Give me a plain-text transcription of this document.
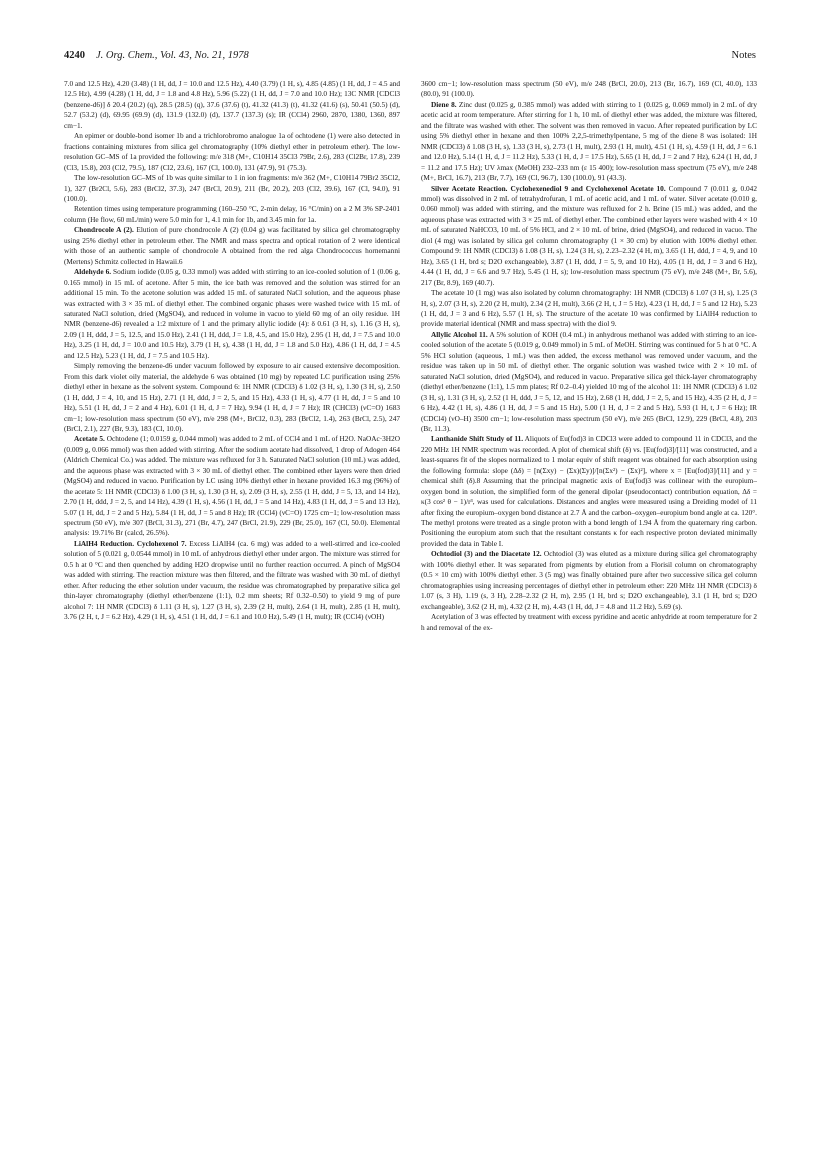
4240 J. Org. Chem., Vol. 43, No. 21, 1978	Notes

7.0 and 12.5 Hz), 4.20 (3.48) (1 H, dd, J = 10.0 and 12.5 Hz), 4.40 (3.79) (1 H, s), 4.85 (4.85) (1 H, dd, J = 4.5 and 12.5 Hz), 4.99 (4.28) (1 H, dd, J = 1.8 and 4.8 Hz), 5.96 (5.22) (1 H, dd, J = 7.0 and 10.0 Hz); 13C NMR [CDCl3 (benzene-d6)] δ 20.4 (20.2) (q), 28.5 (28.5) (q), 37.6 (37.6) (t), 41.32 (41.3) (t), 41.32 (41.6) (s), 50.41 (50.5) (d), 52.7 (53.2) (d), 69.95 (69.9) (d), 131.9 (132.0) (d), 137.7 (137.3) (s); IR (CCl4) 2960, 2870, 1380, 1360, 897 cm−1.

An epimer or double-bond isomer 1b and a trichlorobromo analogue 1a of ochtodene (1) were also detected in fractions containing mixtures from silica gel chromatography (10% diethyl ether in petroleum ether). The low-resolution GC–MS of 1a provided the following: m/e 318 (M+, C10H14 35Cl3 79Br, 2.6), 283 (Cl2Br, 17.8), 239 (Cl3, 15.8), 203 (Cl2, 79.5), 187 (Cl2, 23.6), 167 (Cl, 100.0), 131 (47.9), 91 (75.3).

The low-resolution GC–MS of 1b was quite similar to 1 in ion fragments: m/e 362 (M+, C10H14 79Br2 35Cl2, 1), 327 (Br2Cl, 5.6), 283 (BrCl2, 37.3), 247 (BrCl, 20.9), 211 (Br, 20.2), 203 (Cl2, 39.6), 167 (Cl, 94.0), 91 (100.0).

Retention times using temperature programming (160–250 °C, 2-min delay, 16 °C/min) on a 2 M 3% SP-2401 column (He flow, 60 mL/min) were 5.0 min for 1, 4.1 min for 1b, and 3.45 min for 1a.

Chondrocole A (2). Elution of pure chondrocole A (2) (0.04 g) was facilitated by silica gel chromatography using 25% diethyl ether in petroleum ether. The NMR and mass spectra and optical rotation of 2 were identical with those of an authentic sample of chondrocole A obtained from the red alga Chondrococcus hornemanni (Mertens) Schmitz collected in Hawaii.6

Aldehyde 6. Sodium iodide (0.05 g, 0.33 mmol) was added with stirring to an ice-cooled solution of 1 (0.06 g, 0.165 mmol) in 15 mL of acetone. After 5 min, the ice bath was removed and the solution was stirred for an additional 15 min. To the acetone solution was added 15 mL of saturated NaCl solution, and the aqueous phase was extracted with 3 × 35 mL of diethyl ether. The combined organic phases were washed twice with 15 mL of saturated NaCl solution, dried (MgSO4), and reduced in volume in vacuo to yield 60 mg of an oily residue. 1H NMR (benzene-d6) revealed a 1:2 mixture of 1 and the primary allylic iodide (4): δ 0.61 (3 H, s), 1.16 (3 H, s), 2.09 (1 H, ddd, J = 5, 12.5, and 15.0 Hz), 2.41 (1 H, ddd, J = 1.8, 4.5, and 15.0 Hz), 2.95 (1 H, dd, J = 7.5 and 10.0 Hz), 3.25 (1 H, dd, J = 10.0 and 10.5 Hz), 3.79 (1 H, s), 4.38 (1 H, dd, J = 1.8 and 5.0 Hz), 4.86 (1 H, dd, J = 4.5 and 12.5 Hz), 5.23 (1 H, dd, J = 7.5 and 10.5 Hz).

Simply removing the benzene-d6 under vacuum followed by exposure to air caused extensive decomposition. From this dark violet oily material, the aldehyde 6 was obtained (10 mg) by repeated LC purification using 25% diethyl ether in hexane as the solvent system. Compound 6: 1H NMR (CDCl3) δ 1.02 (3 H, s), 1.30 (3 H, s), 2.50 (1 H, ddd, J = 4, 10, and 15 Hz), 2.71 (1 H, ddd, J = 2, 5, and 15 Hz), 4.33 (1 H, s), 4.77 (1 H, dd, J = 5 and 10 Hz), 5.51 (1 H, dd, J = 2 and 4 Hz), 6.01 (1 H, d, J = 7 Hz), 9.94 (1 H, d, J = 7 Hz); IR (CHCl3) (νC=O) 1683 cm−1; low-resolution mass spectrum (50 eV), m/e 298 (M+, BrCl2, 0.3), 283 (BrCl2, 1.4), 263 (BrCl, 2.5), 247 (BrCl, 2.1), 227 (Br, 9.3), 183 (Cl, 10.0).

Acetate 5. Ochtodene (1; 0.0159 g, 0.044 mmol) was added to 2 mL of CCl4 and 1 mL of H2O. NaOAc·3H2O (0.009 g, 0.066 mmol) was then added with stirring. After the sodium acetate had dissolved, 1 drop of Adogen 464 (Aldrich Chemical Co.) was added. The mixture was refluxed for 3 h. Saturated NaCl solution (10 mL) was added, and the aqueous phase was extracted with 3 × 30 mL of diethyl ether. The combined ether layers were then dried (MgSO4) and reduced in vacuo. Purification by LC using 10% diethyl ether in hexane provided 16.3 mg (96%) of the acetate 5: 1H NMR (CDCl3) δ 1.00 (3 H, s), 1.30 (3 H, s), 2.09 (3 H, s), 2.55 (1 H, ddd, J = 5, 13, and 14 Hz), 2.70 (1 H, ddd, J = 2, 5, and 14 Hz), 4.39 (1 H, s), 4.56 (1 H, dd, J = 5 and 14 Hz), 4.83 (1 H, dd, J = 5 and 13 Hz), 5.07 (1 H, dd, J = 2 and 5 Hz), 5.84 (1 H, dd, J = 5 and 8 Hz); IR (CCl4) (νC=O) 1725 cm−1; low-resolution mass spectrum (50 eV), m/e 307 (BrCl, 31.3), 271 (Br, 4.7), 247 (BrCl, 21.9), 229 (Br, 25.0), 167 (Cl, 50.0). Elemental analysis: 19.71% Br (calcd, 26.5%).

LiAlH4 Reduction. Cyclohexenol 7. Excess LiAlH4 (ca. 6 mg) was added to a well-stirred and ice-cooled solution of 5 (0.021 g, 0.0544 mmol) in 10 mL of anhydrous diethyl ether under argon. The mixture was stirred for 0.5 h at 0 °C and then quenched by adding H2O dropwise until no further reaction occurred. A pinch of MgSO4 was added with stirring. The reaction mixture was then filtered, and the filtrate was washed with 30 mL of diethyl ether. After reducing the ether solution under vacuum, the residue was chromatographed by preparative silica gel thin-layer chromatography (diethyl ether/benzene (1:1), 0.2 mm sheets; Rf 0.32–0.50) to yield 9 mg of pure alcohol 7: 1H NMR (CDCl3) δ 1.11 (3 H, s), 1.27 (3 H, s), 2.39 (2 H, mult), 2.64 (1 H, mult), 2.85 (1 H, mult), 3.76 (2 H, t, J = 6.2 Hz), 4.29 (1 H, s), 4.51 (1 H, dd, J = 6.1 and 10.0 Hz), 5.49 (1 H, mult); IR (CCl4) (νOH)

3600 cm−1; low-resolution mass spectrum (50 eV), m/e 248 (BrCl, 20.0), 213 (Br, 16.7), 169 (Cl, 40.0), 133 (80.0), 91 (100.0).

Diene 8. Zinc dust (0.025 g, 0.385 mmol) was added with stirring to 1 (0.025 g, 0.069 mmol) in 2 mL of dry acetic acid at room temperature. After stirring for 1 h, 10 mL of diethyl ether was added, the mixture was filtered, and the filtrate was washed with ether. The solvent was then removed in vacuo. After repeated purification by LC using 5% diethyl ether in hexane and then 100% 2,2,5-trimethylpentane, 5 mg of the diene 8 was isolated: 1H NMR (CDCl3) δ 1.08 (3 H, s), 1.33 (3 H, s), 2.73 (1 H, mult), 2.93 (1 H, mult), 4.51 (1 H, s), 4.59 (1 H, dd, J = 6.1 and 12.0 Hz), 5.14 (1 H, d, J = 11.2 Hz), 5.33 (1 H, d, J = 17.5 Hz), 5.65 (1 H, dd, J = 2 and 7 Hz), 6.24 (1 H, dd, J = 11.2 and 17.5 Hz); UV λmax (MeOH) 232–233 nm (ε 15 400); low-resolution mass spectrum (75 eV), m/e 248 (M+, BrCl, 16.7), 213 (Br, 7.7), 169 (Cl, 96.7), 130 (100.0), 91 (43.3).

Silver Acetate Reaction. Cyclohexenediol 9 and Cyclohexenol Acetate 10. Compound 7 (0.011 g, 0.042 mmol) was dissolved in 2 mL of tetrahydrofuran, 1 mL of acetic acid, and 1 mL of water. Silver acetate (0.010 g, 0.060 mmol) was added with stirring, and the mixture was refluxed for 2 h. Brine (15 mL) was added, and the aqueous phase was extracted with 3 × 25 mL of diethyl ether. The combined ether layers were washed with 4 × 10 mL of saturated NaHCO3, 10 mL of 5% HCl, and 2 × 10 mL of brine, dried (MgSO4), and reduced in vacuo. The diol (4 mg) was isolated by silica gel column chromatography (1 × 30 cm) by elution with 100% diethyl ether. Compound 9: 1H NMR (CDCl3) δ 1.08 (3 H, s), 1.24 (3 H, s), 2.23–2.32 (4 H, m), 3.65 (1 H, ddd, J = 4, 9, and 10 Hz), 3.65 (1 H, brd s; D2O exchangeable), 3.87 (1 H, ddd, J = 5, 9, and 10 Hz), 4.05 (1 H, dd, J = 3 and 6 Hz), 4.44 (1 H, dd, J = 6.6 and 9.7 Hz), 5.45 (1 H, s); low-resolution mass spectrum (75 eV), m/e 248 (M+, Br, 5.6), 217 (Br, 8.9), 169 (40.7).

The acetate 10 (1 mg) was also isolated by column chromatography: 1H NMR (CDCl3) δ 1.07 (3 H, s), 1.25 (3 H, s), 2.07 (3 H, s), 2.20 (2 H, mult), 2.34 (2 H, mult), 3.66 (2 H, t, J = 5 Hz), 4.23 (1 H, dd, J = 5 and 12 Hz), 5.23 (1 H, dd, J = 3 and 6 Hz), 5.57 (1 H, s). The structure of the acetate 10 was confirmed by LiAlH4 reduction to provide material identical (NMR and mass spectra) with the diol 9.

Allylic Alcohol 11. A 5% solution of KOH (0.4 mL) in anhydrous methanol was added with stirring to an ice-cooled solution of the acetate 5 (0.019 g, 0.049 mmol) in 5 mL of MeOH. Stirring was continued for 5 h at 0 °C. A 5% HCl solution (aqueous, 1 mL) was then added, the excess methanol was removed under vacuum, and the residue was taken up in 50 mL of diethyl ether. The organic solution was washed twice with 2 × 10 mL of saturated NaCl solution, dried (MgSO4), and reduced in vacuo. Preparative silica gel thick-layer chromatography (diethyl ether/benzene (1:1), 1.5 mm plates; Rf 0.2–0.4) yielded 10 mg of the alcohol 11: 1H NMR (CDCl3) δ 1.02 (3 H, s), 1.31 (3 H, s), 2.52 (1 H, ddd, J = 5, 12, and 15 Hz), 2.68 (1 H, ddd, J = 2, 5, and 15 Hz), 4.35 (2 H, d, J = 6 Hz), 4.42 (1 H, s), 4.86 (1 H, dd, J = 5 and 15 Hz), 5.00 (1 H, d, J = 2 and 5 Hz), 5.93 (1 H, t, J = 6 Hz); IR (CDCl4) (νO–H) 3500 cm−1; low-resolution mass spectrum (50 eV), m/e 265 (BrCl, 12.9), 229 (BrCl, 4.8), 203 (Br, 11.3).

Lanthanide Shift Study of 11. Aliquots of Eu(fod)3 in CDCl3 were added to compound 11 in CDCl3, and the 220 MHz 1H NMR spectrum was recorded. A plot of chemical shift (δ) vs. [Eu(fod)3]/[11] was constructed, and a least-squares fit of the slopes normalized to 1 molar equiv of shift reagent was obtained for each absorption using the following formula: slope (Δδ) = [n(Σxy) − (Σx)(Σy)]/[n(Σx²) − (Σx)²], where x = [Eu(fod)3]/[11] and y = chemical shift (δ).8 Assuming that the principal magnetic axis of Eu(fod)3 was collinear with the europium–oxygen bond in solution, the simplified form of the general dipolar (pseudocontact) contribution equation, Δδ = κ(3 cos² θ − 1)/r³, was used for calculations. Distances and angles were measured using a Dreiding model of 11 after fixing the europium–oxygen bond distance at 2.7 Å and the carbon–oxygen–europium bond angle at ca. 120°. The methyl protons were treated as a single proton with a bond length of 1.94 Å from the quaternary ring carbon. Positioning the europium atom such that the resultant constants κ for each respective proton deviated minimally provided the data in Table I.

Ochtodiol (3) and the Diacetate 12. Ochtodiol (3) was eluted as a mixture during silica gel chromatography with 100% diethyl ether. It was separated from pigments by elution from a Florisil column on chromatography (0.5 × 10 cm) with 100% diethyl ether. 3 (5 mg) was finally obtained pure after two successive silica gel column chromatographies using increasing percentages of diethyl ether in petroleum ether: 220 MHz 1H NMR (CDCl3) δ 1.07 (s, 3 H), 1.19 (s, 3 H), 2.28–2.32 (2 H, m), 2.95 (1 H, brd s; D2O exchangeable), 3.1 (1 H, brd s; D2O exchangeable), 3.62 (2 H, m), 4.32 (2 H, m), 4.43 (1 H, dd, J = 4.8 and 11.2 Hz), 5.69 (s).

Acetylation of 3 was effected by treatment with excess pyridine and acetic anhydride at room temperature for 2 h and removal of the ex-
